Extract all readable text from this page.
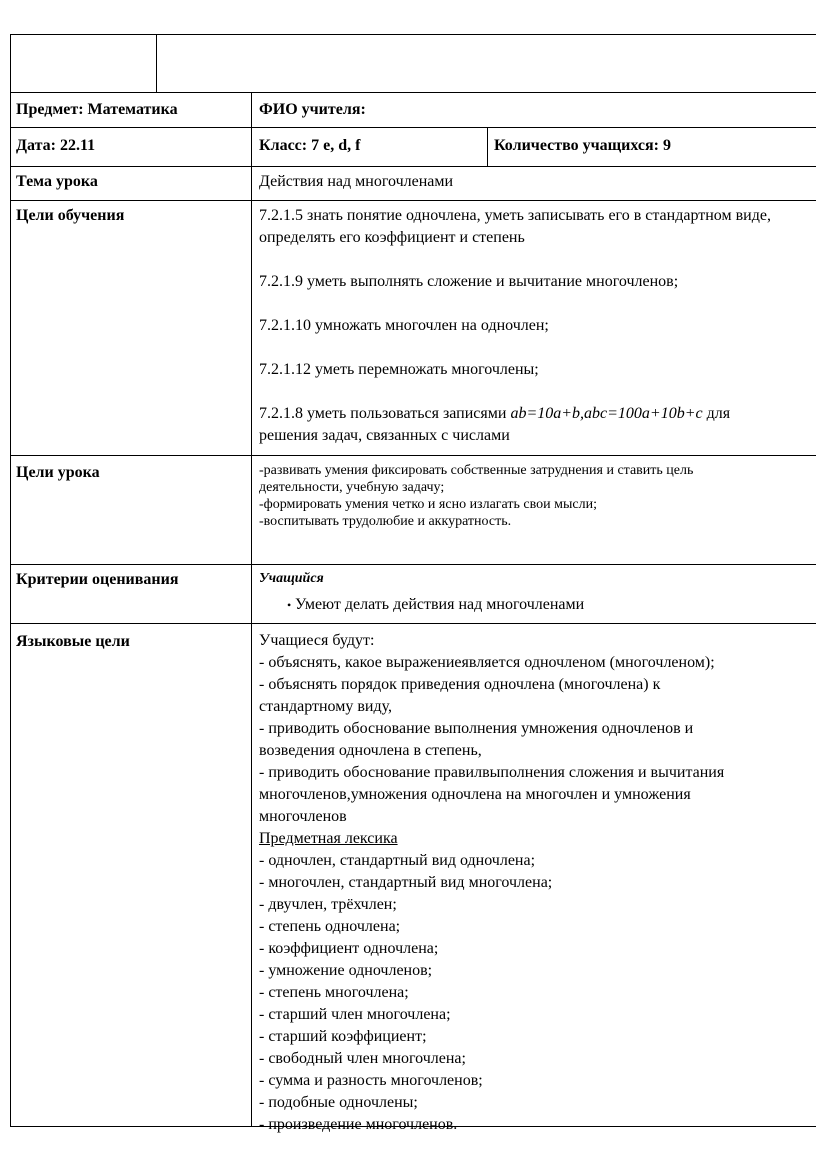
Предмет: Математика	ФИО учителя:
Дата: 22.11	Класс: 7 e, d, f	Количество учащихся: 9
Тема урока	Действия над многочленами
Цели обучения	7.2.1.5 знать понятие одночлена, уметь записывать его в стандартном виде, определять его коэффициент и степень

7.2.1.9 уметь выполнять сложение и вычитание многочленов;

7.2.1.10 умножать многочлен на одночлен;

7.2.1.12 уметь перемножать многочлены;

7.2.1.8 уметь пользоваться записями ab=10a+b,abc=100a+10b+c для

решения задач, связанных с числами

Цели урока	-развивать умения фиксировать собственные затруднения и ставить цель
деятельности, учебную задачу;
-формировать умения четко и ясно излагать свои мысли;
-воспитывать трудолюбие и аккуратность.
Критерии оценивания	Учащийся
• Умеют делать действия над многочленами
Языковые цели	Учащиеся будут:
- объяснять, какое выражениеявляется одночленом (многочленом);
- объяснять порядок приведения одночлена (многочлена) к
стандартному виду,
- приводить обоснование выполнения умножения одночленов и
возведения одночлена в степень,
- приводить обоснование правилвыполнения сложения и вычитания
многочленов,умножения одночлена на многочлен и умножения
многочленов
Предметная лексика
- одночлен, стандартный вид одночлена;
- многочлен, стандартный вид многочлена;
- двучлен, трёхчлен;
- степень одночлена;
- коэффициент одночлена;
- умножение одночленов;
- степень многочлена;
- старший член многочлена;
- старший коэффициент;
- свободный член многочлена;
- сумма и разность многочленов;
- подобные одночлены;
- произведение многочленов.
